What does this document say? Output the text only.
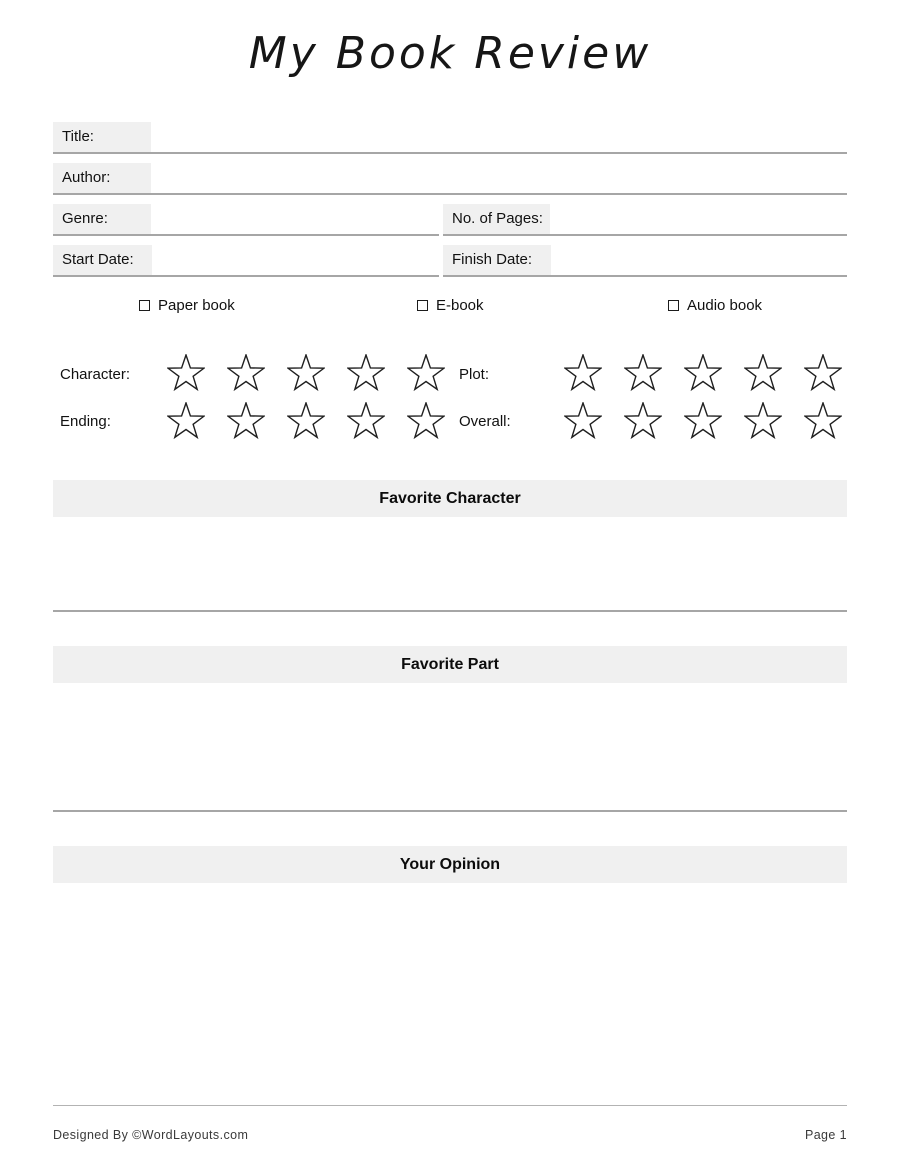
My Book Review
Title:
Author:
Genre:	No. of Pages:
Start Date:	Finish Date:
Paper book	E-book	Audio book
Character:	Plot:
Ending:	Overall:
Favorite Character
Favorite Part
Your Opinion
Designed By ©WordLayouts.com	Page 1
